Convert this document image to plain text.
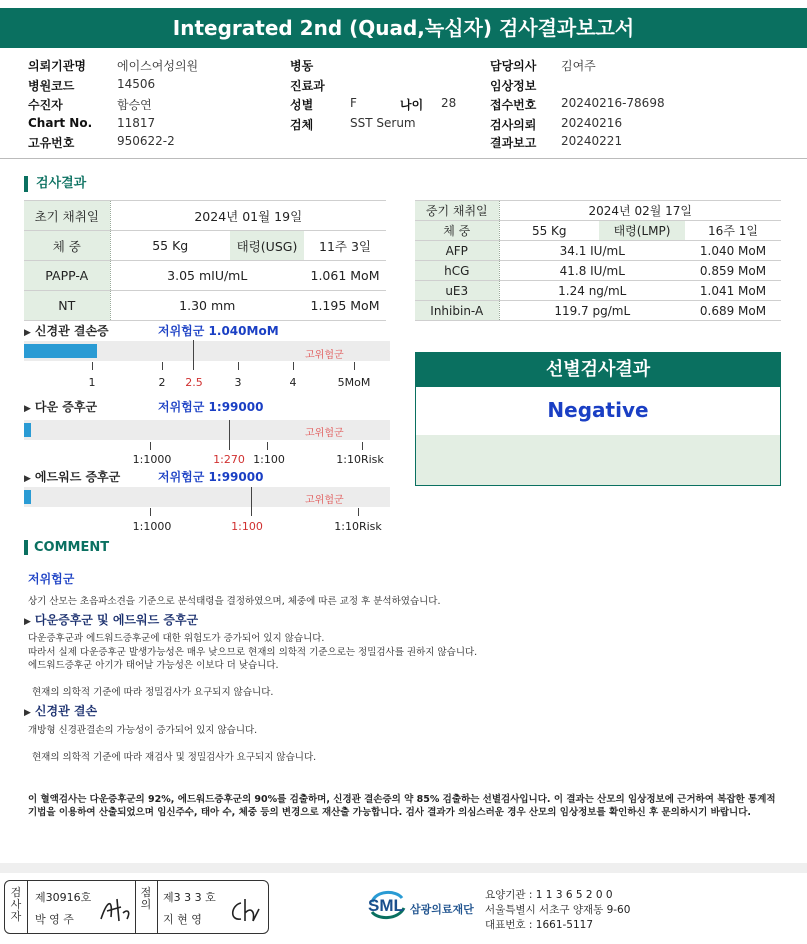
Integrated 2nd (Quad,녹십자) 검사결과보고서
의뢰기관명	에이스여성의원
병원코드	14506
수진자	함승연
Chart No. 11817
고유번호	950622-2
병동
진료과
성별	F	나이 28
검체	SST Serum
담당의사 김여주
임상정보
접수번호 20240216-78698
검사의뢰 20240216
결과보고 20240221
검사결과
초기 채취일	2024년 01월 19일		
체 중	55 Kg	태령(USG)	11주 3일
PAPP-A	3.05 mIU/mL		1.061 MoM
NT	1.30 mm		1.195 MoM
중기 채취일	2024년 02월 17일		
체 중	55 Kg	태령(LMP)	16주 1일
AFP	34.1 IU/mL		1.040 MoM
hCG	41.8 IU/mL		0.859 MoM
uE3	1.24 ng/mL		1.041 MoM
Inhibin-A	119.7 pg/mL		0.689 MoM
▶ 신경관 결손증	저위험군 1.040MoM
고위험군
1	2 2.5	3	4	5MoM
▶ 다운 증후군	저위험군 1:99000
고위험군
1:1000	1:270 1:100	1:10Risk
▶ 에드워드 증후군	저위험군 1:99000
고위험군
1:1000	1:100	1:10Risk
선별검사결과
Negative
COMMENT
저위험군
상기 산모는 초음파소견을 기준으로 분석태령을 결정하였으며, 체중에 따른 교정 후 분석하였습니다.
▶ 다운증후군 및 에드워드 증후군
다운증후군과 에드워드증후군에 대한 위험도가 증가되어 있지 않습니다.
따라서 실제 다운증후군 발생가능성은 매우 낮으므로 현재의 의학적 기준으로는 정밀검사를 권하지 않습니다.
에드워드증후군 아기가 태어날 가능성은 이보다 더 낮습니다.
현재의 의학적 기준에 따라 정밀검사가 요구되지 않습니다.
▶ 신경관 결손
개방형 신경관결손의 가능성이 증가되어 있지 않습니다.
현재의 의학적 기준에 따라 재검사 및 정밀검사가 요구되지 않습니다.
이 혈액검사는 다운증후군의 92%, 에드워드증후군의 90%를 검출하며, 신경관 결손증의 약 85% 검출하는 선별검사입니다. 이 결과는 산모의 임상정보에 근거하여 복잡한 통계적 기법을 이용하여 산출되었으며 임신주수, 태아 수, 체중 등의 변경으로 재산출 가능합니다. 검사 결과가 의심스러운 경우 산모의 임상정보를 확인하신 후 문의하시기 바랍니다.
검사자
제30916호
박 영 주
점의
제3 3 3 호
지 현 영
SML 삼광의료재단
요양기관 : 1 1 3 6 5 2 0 0
서울특별시 서초구 양재동 9-60
대표번호 : 1661-5117
